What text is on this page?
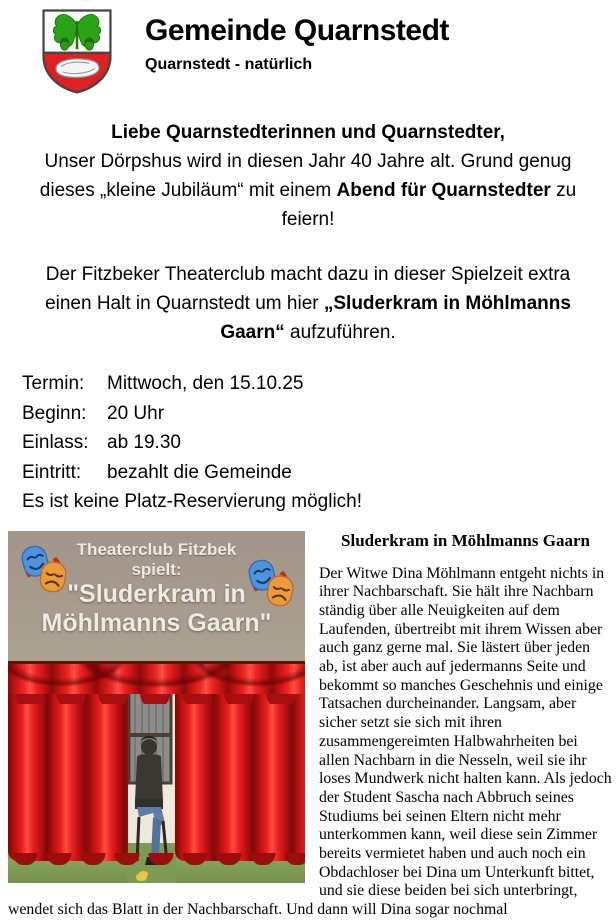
Gemeinde Quarnstedt
Quarnstedt - natürlich
Liebe Quarnstedterinnen und Quarnstedter,
Unser Dörpshus wird in diesen Jahr 40 Jahre alt. Grund genug dieses „kleine Jubiläum“ mit einem Abend für Quarnstedter zu feiern!
Der Fitzbeker Theaterclub macht dazu in dieser Spielzeit extra einen Halt in Quarnstedt um hier „Sluderkram in Möhlmanns Gaarn“ aufzuführen.
Termin:	Mittwoch, den 15.10.25
Beginn:	20 Uhr
Einlass: ab 19.30
Eintritt:	bezahlt die Gemeinde
Es ist keine Platz-Reservierung möglich!
Theaterclub Fitzbek
spielt:
"Sluderkram in
Möhlmanns Gaarn"
Sluderkram in Möhlmanns Gaarn

Der Witwe Dina Möhlmann entgeht nichts in ihrer Nachbarschaft. Sie hält ihre Nachbarn ständig über alle Neuigkeiten auf dem Laufenden, übertreibt mit ihrem Wissen aber auch ganz gerne mal. Sie lästert über jeden ab, ist aber auch auf jedermanns Seite und bekommt so manches Geschehnis und einige Tatsachen durcheinander. Langsam, aber sicher setzt sie sich mit ihren zusammengereimten Halbwahrheiten bei allen Nachbarn in die Nesseln, weil sie ihr loses Mundwerk nicht halten kann. Als jedoch der Student Sascha nach Abbruch seines Studiums bei seinen Eltern nicht mehr unterkommen kann, weil diese sein Zimmer bereits vermietet haben und auch noch ein Obdachloser bei Dina um Unterkunft bittet, und sie diese beiden bei sich unterbringt, wendet sich das Blatt in der Nachbarschaft. Und dann will Dina sogar nochmal
